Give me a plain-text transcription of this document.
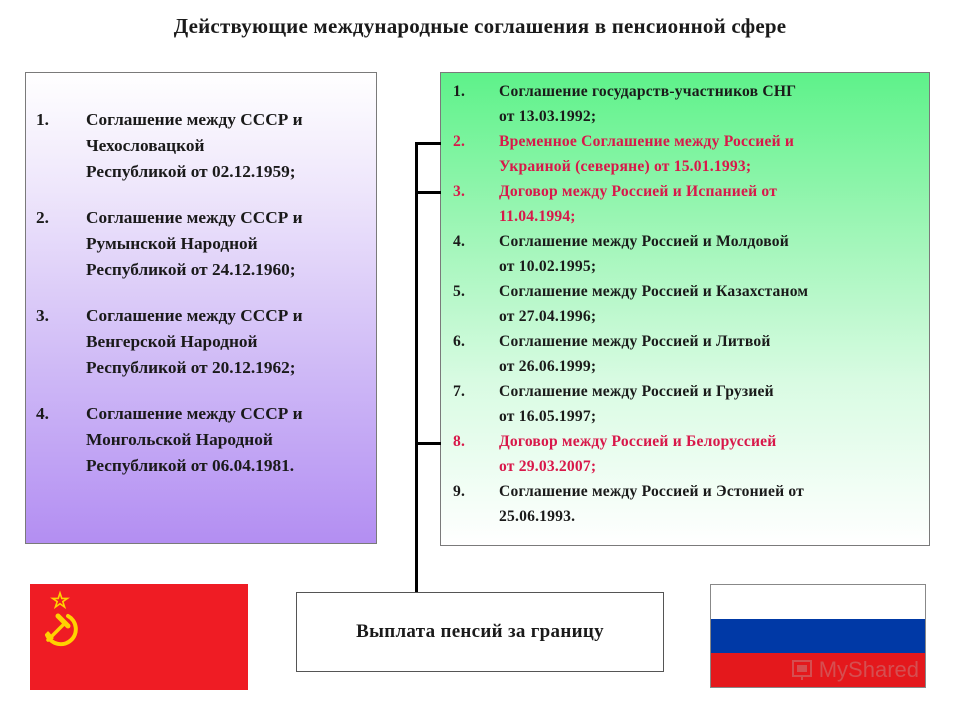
Действующие международные соглашения в пенсионной сфере
1.	Соглашение между СССР и
Чехословацкой
Республикой от 02.12.1959;
2.	Соглашение между СССР и
Румынской Народной
Республикой от 24.12.1960;
3.	Соглашение между СССР и
Венгерской Народной
Республикой от 20.12.1962;
4.	Соглашение между СССР и
Монгольской Народной
Республикой от 06.04.1981.
1.	Соглашение государств-участников СНГ
от 13.03.1992;
2.	Временное Соглашение между Россией и
Украиной (северяне) от 15.01.1993;
3.	Договор между Россией и Испанией от
11.04.1994;
4.	Соглашение между Россией и Молдовой
от 10.02.1995;
5.	Соглашение между Россией и Казахстаном
от 27.04.1996;
6.	Соглашение между Россией и Литвой
от 26.06.1999;
7.	Соглашение между Россией и Грузией
от 16.05.1997;
8.	Договор между Россией и Белоруссией
от 29.03.2007;
9.	Соглашение между Россией и Эстонией от
25.06.1993.
Выплата пенсий за границу
MyShared
